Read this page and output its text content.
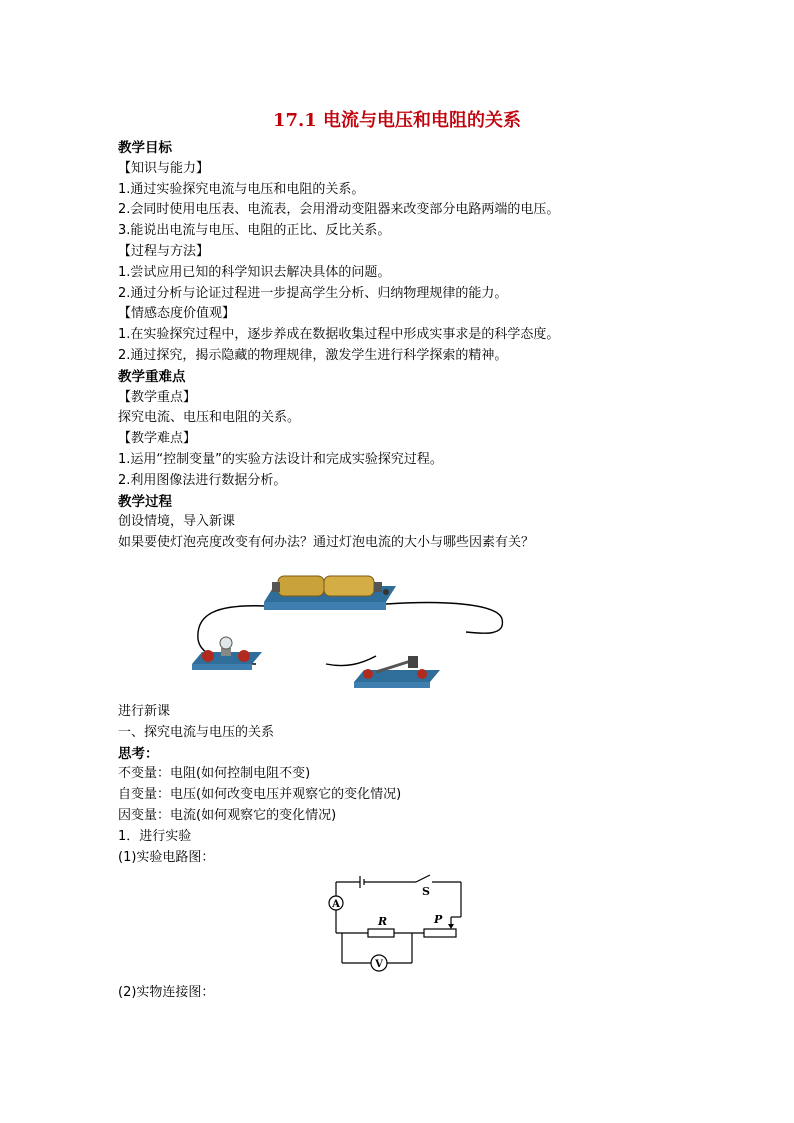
17.1 电流与电压和电阻的关系
教学目标
【知识与能力】
1.通过实验探究电流与电压和电阻的关系。
2.会同时使用电压表、电流表，会用滑动变阻器来改变部分电路两端的电压。
3.能说出电流与电压、电阻的正比、反比关系。
【过程与方法】
1.尝试应用已知的科学知识去解决具体的问题。
2.通过分析与论证过程进一步提高学生分析、归纳物理规律的能力。
【情感态度价值观】
1.在实验探究过程中，逐步养成在数据收集过程中形成实事求是的科学态度。
2.通过探究，揭示隐藏的物理规律，激发学生进行科学探索的精神。
教学重难点
【教学重点】
探究电流、电压和电阻的关系。
【教学难点】
1.运用“控制变量”的实验方法设计和完成实验探究过程。
2.利用图像法进行数据分析。
教学过程
创设情境，导入新课
如果要使灯泡亮度改变有何办法？通过灯泡电流的大小与哪些因素有关？
进行新课
一、探究电流与电压的关系
思考：
不变量：电阻(如何控制电阻不变)
自变量：电压(如何改变电压并观察它的变化情况)
因变量：电流(如何观察它的变化情况)
1．进行实验
(1)实验电路图：
A
V
S
R	P
(2)实物连接图：
